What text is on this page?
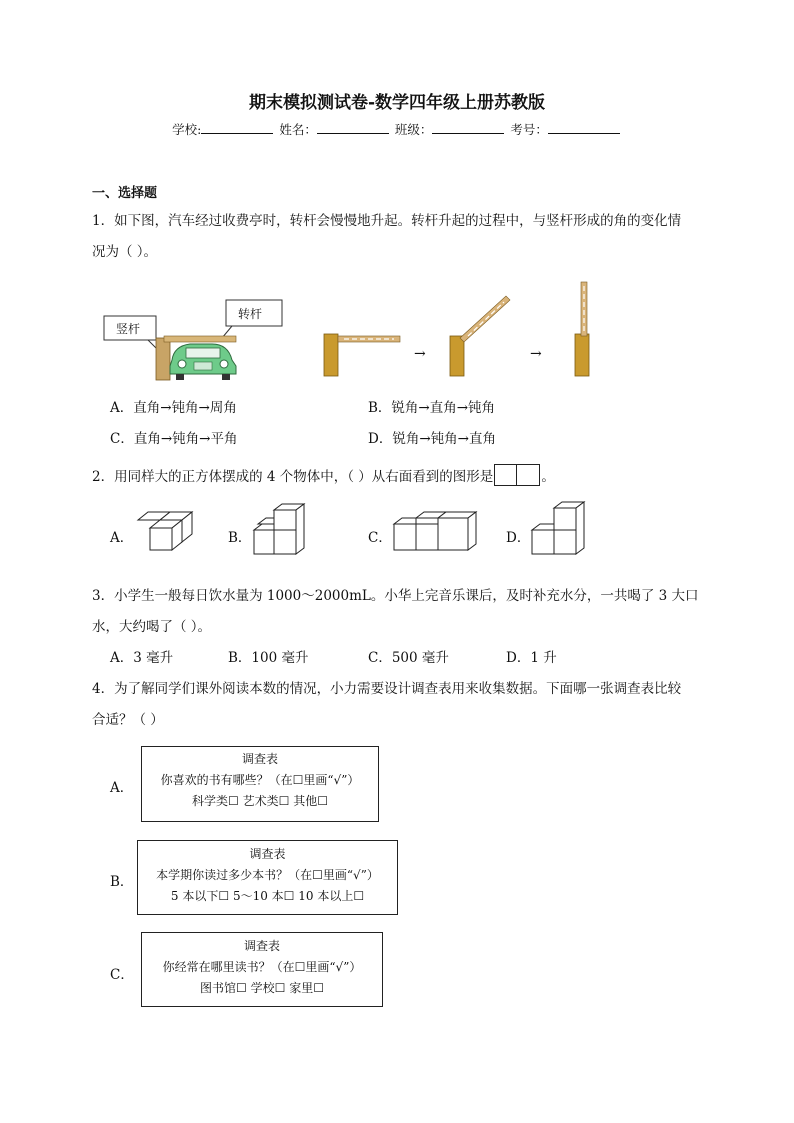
期末模拟测试卷-数学四年级上册苏教版
学校:	姓名：	班级：	考号：
一、选择题
1．如下图，汽车经过收费亭时，转杆会慢慢地升起。转杆升起的过程中，与竖杆形成的角的变化情
况为（ ）。
竖杆
转杆
→	→
A．直角→钝角→周角	B．锐角→直角→钝角
C．直角→钝角→平角	D．锐角→钝角→直角
2．用同样大的正方体摆成的 4 个物体中，（ ）从右面看到的图形是	。
A．	B．	C．	D．
3．小学生一般每日饮水量为 1000～2000mL。小华上完音乐课后，及时补充水分，一共喝了 3 大口
水，大约喝了（ ）。
A．3 毫升	B．100 毫升	C．500 毫升	D．1 升
4．为了解同学们课外阅读本数的情况，小力需要设计调查表用来收集数据。下面哪一张调查表比较
合适？（ ）
A．
调查表
你喜欢的书有哪些？（在☐里画“√”）
科学类☐ 艺术类☐ 其他☐
B．
调查表
本学期你读过多少本书？（在☐里画“√”）
5 本以下☐ 5～10 本☐ 10 本以上☐
C．
调查表
你经常在哪里读书？（在☐里画“√”）
图书馆☐ 学校☐ 家里☐
